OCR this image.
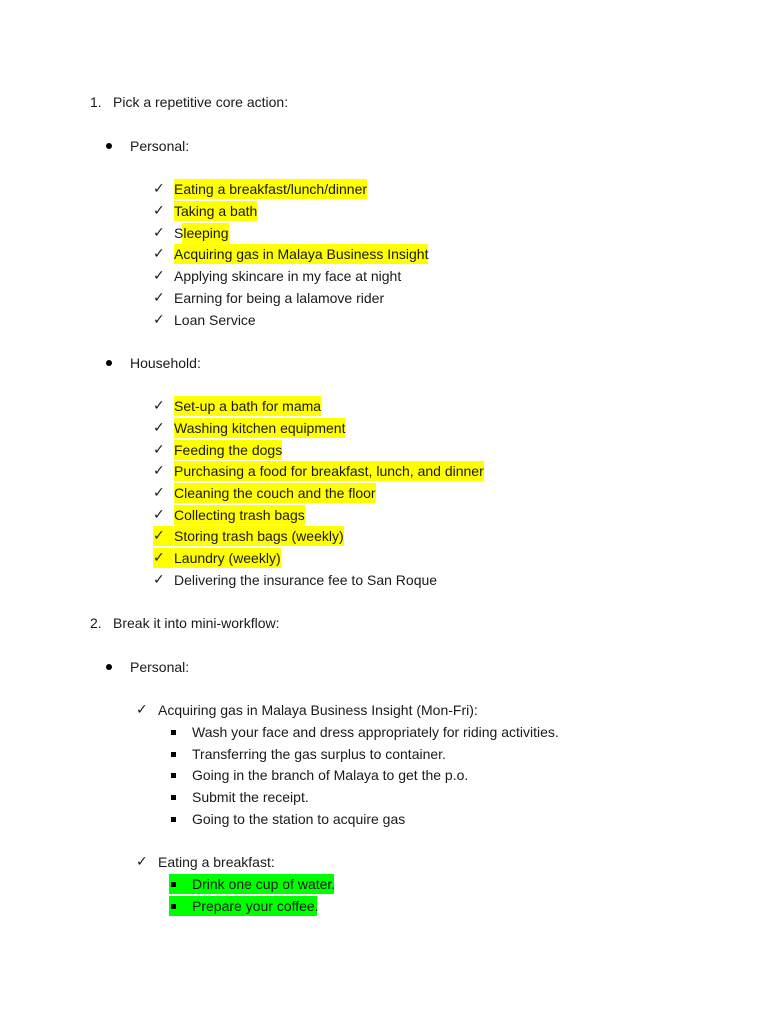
1. Pick a repetitive core action:
Personal:
✓ Eating a breakfast/lunch/dinner
✓ Taking a bath
✓ Sleeping
✓ Acquiring gas in Malaya Business Insight
✓ Applying skincare in my face at night
✓ Earning for being a lalamove rider
✓ Loan Service
Household:
✓ Set-up a bath for mama
✓ Washing kitchen equipment
✓ Feeding the dogs
✓ Purchasing a food for breakfast, lunch, and dinner
✓ Cleaning the couch and the floor
✓ Collecting trash bags
✓ Storing trash bags (weekly)
✓ Laundry (weekly)
✓ Delivering the insurance fee to San Roque
2. Break it into mini-workflow:
Personal:
✓ Acquiring gas in Malaya Business Insight (Mon-Fri):
Wash your face and dress appropriately for riding activities.
Transferring the gas surplus to container.
Going in the branch of Malaya to get the p.o.
Submit the receipt.
Going to the station to acquire gas
✓ Eating a breakfast:
Drink one cup of water.
Prepare your coffee.
